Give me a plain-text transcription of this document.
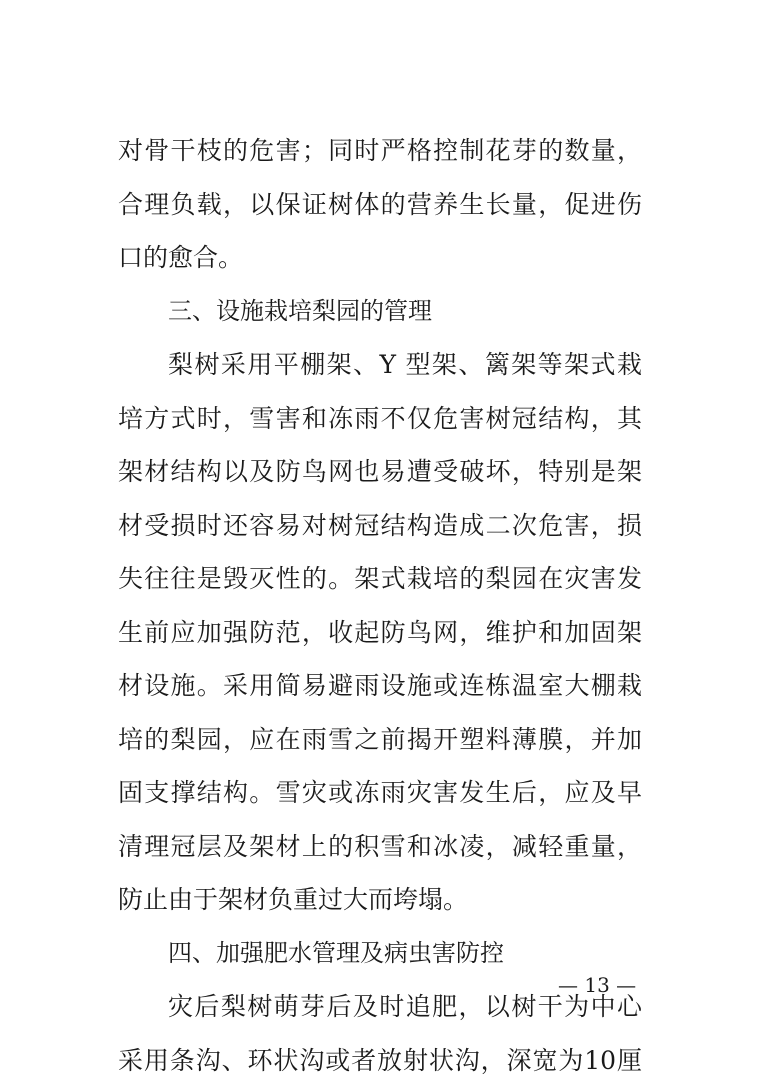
对骨干枝的危害；同时严格控制花芽的数量，
合理负载，以保证树体的营养生长量，促进伤
口的愈合。
三、设施栽培梨园的管理
梨树采用平棚架、Y 型架、篱架等架式栽
培方式时，雪害和冻雨不仅危害树冠结构，其
架材结构以及防鸟网也易遭受破坏，特别是架
材受损时还容易对树冠结构造成二次危害，损
失往往是毁灭性的。架式栽培的梨园在灾害发
生前应加强防范，收起防鸟网，维护和加固架
材设施。采用简易避雨设施或连栋温室大棚栽
培的梨园，应在雨雪之前揭开塑料薄膜，并加
固支撑结构。雪灾或冻雨灾害发生后，应及早
清理冠层及架材上的积雪和冰凌，减轻重量，
防止由于架材负重过大而垮塌。
四、加强肥水管理及病虫害防控
灾后梨树萌芽后及时追肥，以树干为中心
采用条沟、环状沟或者放射状沟，深宽为10厘
— 13 —
